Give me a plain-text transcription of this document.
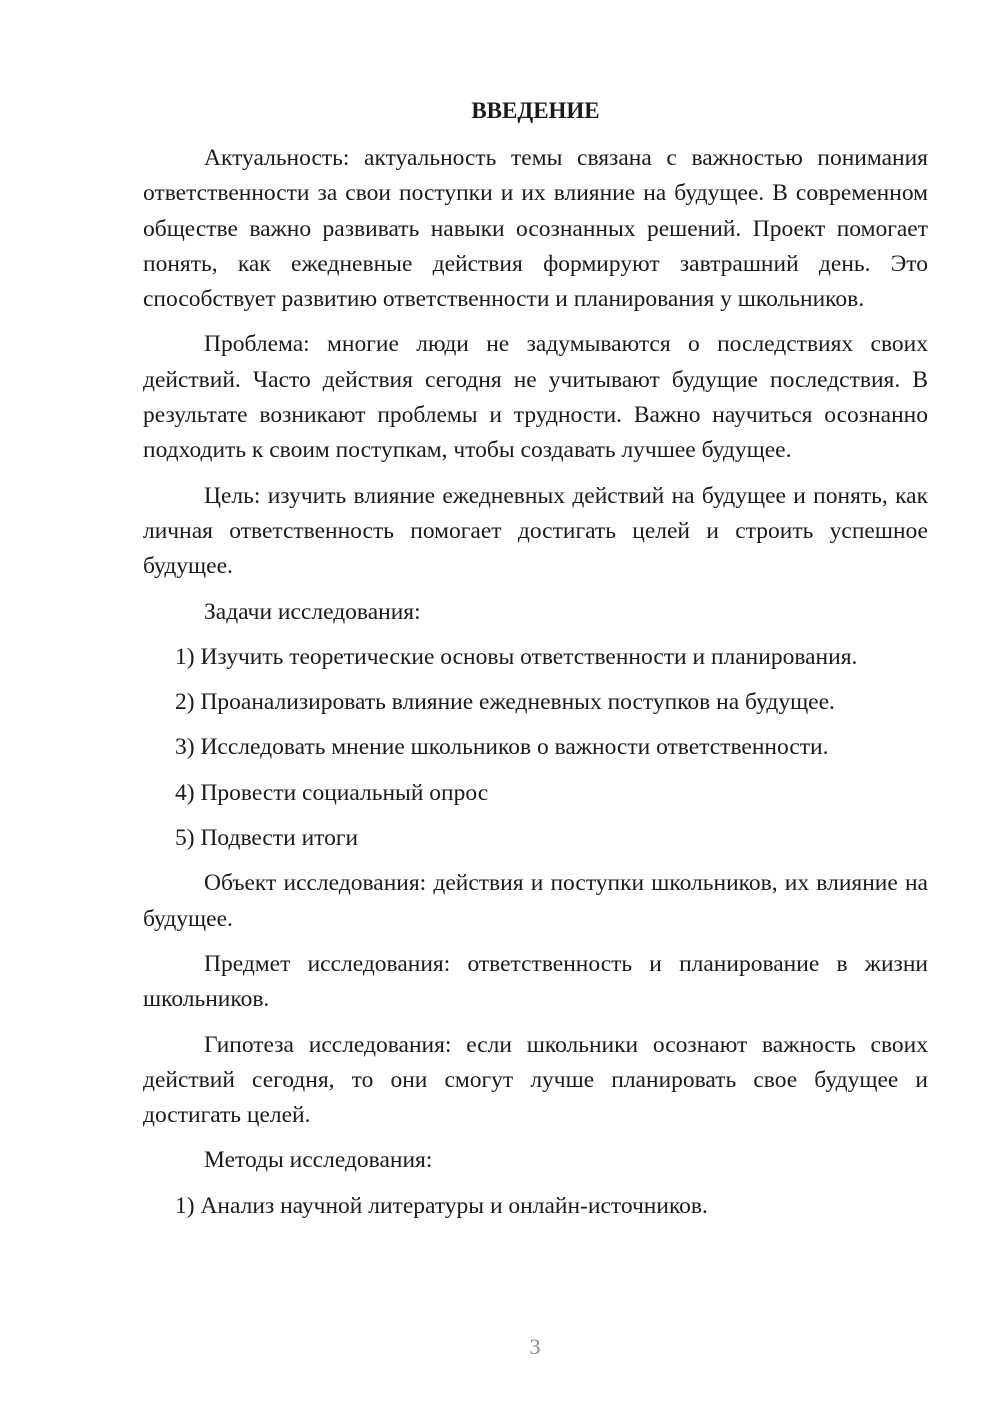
ВВЕДЕНИЕ

Актуальность: актуальность темы связана с важностью понимания ответственности за свои поступки и их влияние на будущее. В современном обществе важно развивать навыки осознанных решений. Проект помогает понять, как ежедневные действия формируют завтрашний день. Это способствует развитию ответственности и планирования у школьников.

Проблема: многие люди не задумываются о последствиях своих действий. Часто действия сегодня не учитывают будущие последствия. В результате возникают проблемы и трудности. Важно научиться осознанно подходить к своим поступкам, чтобы создавать лучшее будущее.

Цель: изучить влияние ежедневных действий на будущее и понять, как личная ответственность помогает достигать целей и строить успешное будущее.

Задачи исследования:

1) Изучить теоретические основы ответственности и планирования.
2) Проанализировать влияние ежедневных поступков на будущее.
3) Исследовать мнение школьников о важности ответственности.
4) Провести социальный опрос
5) Подвести итоги

Объект исследования: действия и поступки школьников, их влияние на будущее.

Предмет исследования: ответственность и планирование в жизни школьников.

Гипотеза исследования: если школьники осознают важность своих действий сегодня, то они смогут лучше планировать свое будущее и достигать целей.

Методы исследования:

1) Анализ научной литературы и онлайн-источников.
3
